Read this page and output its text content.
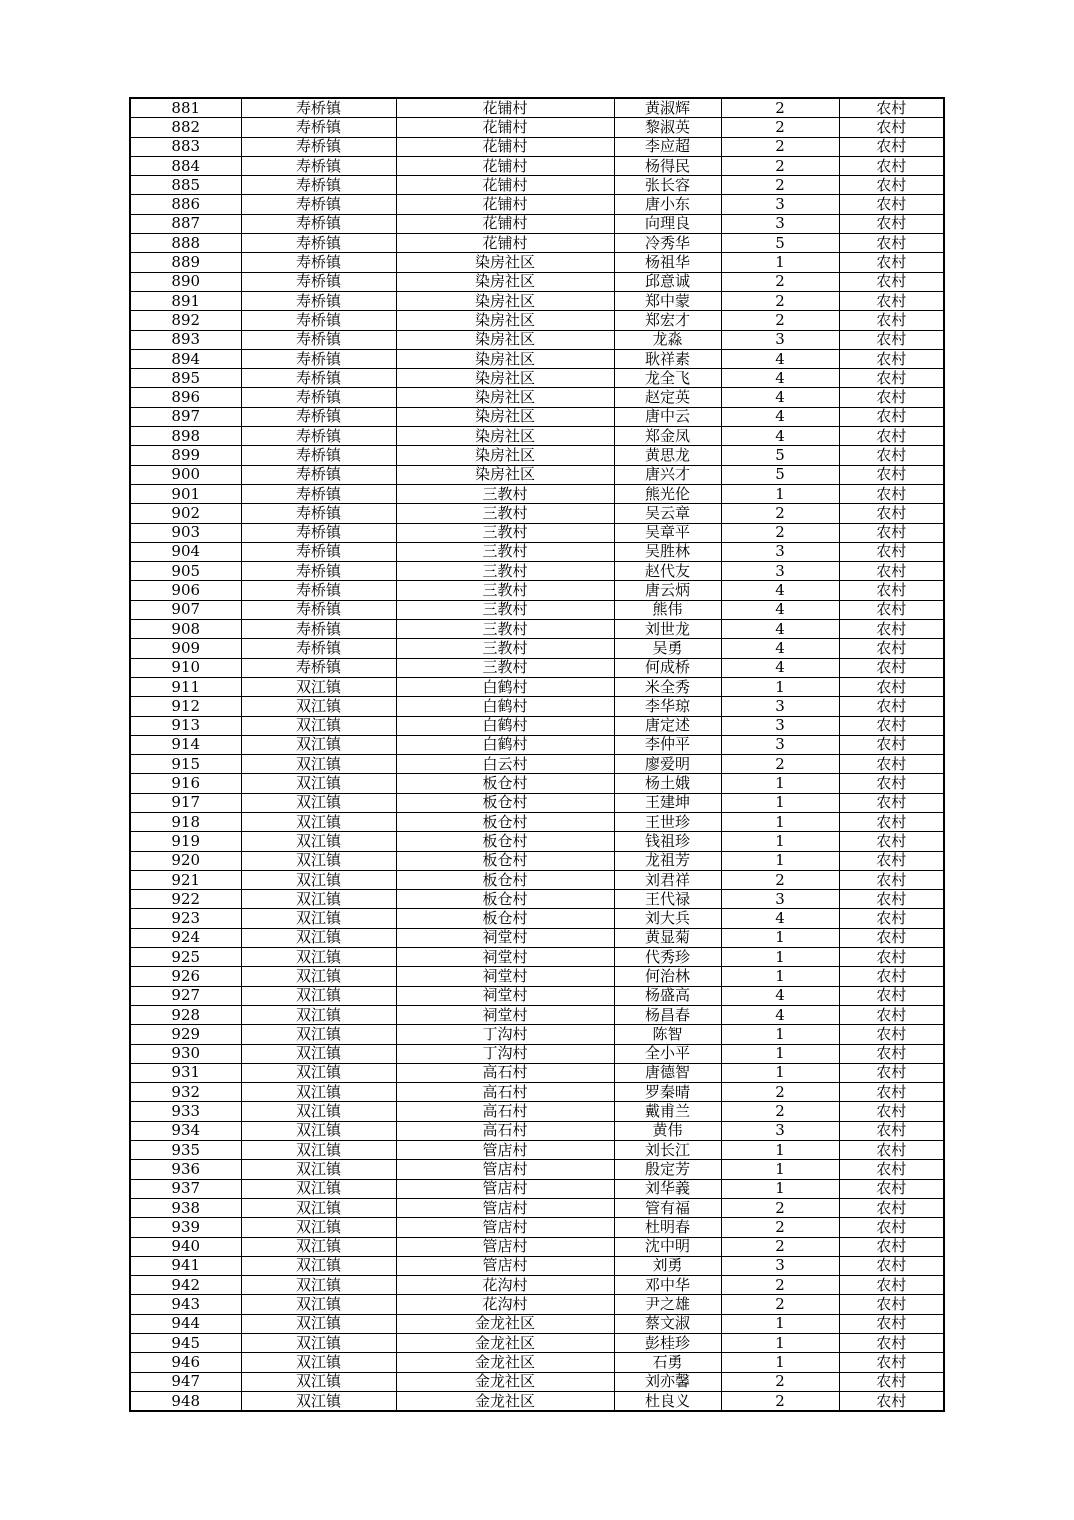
881	寿桥镇	花铺村	黄淑辉	2	农村
882	寿桥镇	花铺村	黎淑英	2	农村
883	寿桥镇	花铺村	李应超	2	农村
884	寿桥镇	花铺村	杨得民	2	农村
885	寿桥镇	花铺村	张长容	2	农村
886	寿桥镇	花铺村	唐小东	3	农村
887	寿桥镇	花铺村	向理良	3	农村
888	寿桥镇	花铺村	冷秀华	5	农村
889	寿桥镇	染房社区	杨祖华	1	农村
890	寿桥镇	染房社区	邱意诚	2	农村
891	寿桥镇	染房社区	郑中蒙	2	农村
892	寿桥镇	染房社区	郑宏才	2	农村
893	寿桥镇	染房社区	龙淼	3	农村
894	寿桥镇	染房社区	耿祥素	4	农村
895	寿桥镇	染房社区	龙全飞	4	农村
896	寿桥镇	染房社区	赵定英	4	农村
897	寿桥镇	染房社区	唐中云	4	农村
898	寿桥镇	染房社区	郑金凤	4	农村
899	寿桥镇	染房社区	黄思龙	5	农村
900	寿桥镇	染房社区	唐兴才	5	农村
901	寿桥镇	三教村	熊光伦	1	农村
902	寿桥镇	三教村	吴云章	2	农村
903	寿桥镇	三教村	吴章平	2	农村
904	寿桥镇	三教村	吴胜林	3	农村
905	寿桥镇	三教村	赵代友	3	农村
906	寿桥镇	三教村	唐云炳	4	农村
907	寿桥镇	三教村	熊伟	4	农村
908	寿桥镇	三教村	刘世龙	4	农村
909	寿桥镇	三教村	吴勇	4	农村
910	寿桥镇	三教村	何成桥	4	农村
911	双江镇	白鹤村	米全秀	1	农村
912	双江镇	白鹤村	李华琼	3	农村
913	双江镇	白鹤村	唐定述	3	农村
914	双江镇	白鹤村	李仲平	3	农村
915	双江镇	白云村	廖爱明	2	农村
916	双江镇	板仓村	杨土娥	1	农村
917	双江镇	板仓村	王建坤	1	农村
918	双江镇	板仓村	王世珍	1	农村
919	双江镇	板仓村	钱祖珍	1	农村
920	双江镇	板仓村	龙祖芳	1	农村
921	双江镇	板仓村	刘君祥	2	农村
922	双江镇	板仓村	王代禄	3	农村
923	双江镇	板仓村	刘大兵	4	农村
924	双江镇	祠堂村	黄显菊	1	农村
925	双江镇	祠堂村	代秀珍	1	农村
926	双江镇	祠堂村	何治林	1	农村
927	双江镇	祠堂村	杨盛高	4	农村
928	双江镇	祠堂村	杨昌春	4	农村
929	双江镇	丁沟村	陈智	1	农村
930	双江镇	丁沟村	全小平	1	农村
931	双江镇	高石村	唐德智	1	农村
932	双江镇	高石村	罗秦晴	2	农村
933	双江镇	高石村	戴甫兰	2	农村
934	双江镇	高石村	黄伟	3	农村
935	双江镇	管店村	刘长江	1	农村
936	双江镇	管店村	殷定芳	1	农村
937	双江镇	管店村	刘华義	1	农村
938	双江镇	管店村	管有福	2	农村
939	双江镇	管店村	杜明春	2	农村
940	双江镇	管店村	沈中明	2	农村
941	双江镇	管店村	刘勇	3	农村
942	双江镇	花沟村	邓中华	2	农村
943	双江镇	花沟村	尹之雄	2	农村
944	双江镇	金龙社区	蔡文淑	1	农村
945	双江镇	金龙社区	彭桂珍	1	农村
946	双江镇	金龙社区	石勇	1	农村
947	双江镇	金龙社区	刘亦馨	2	农村
948	双江镇	金龙社区	杜良义	2	农村
